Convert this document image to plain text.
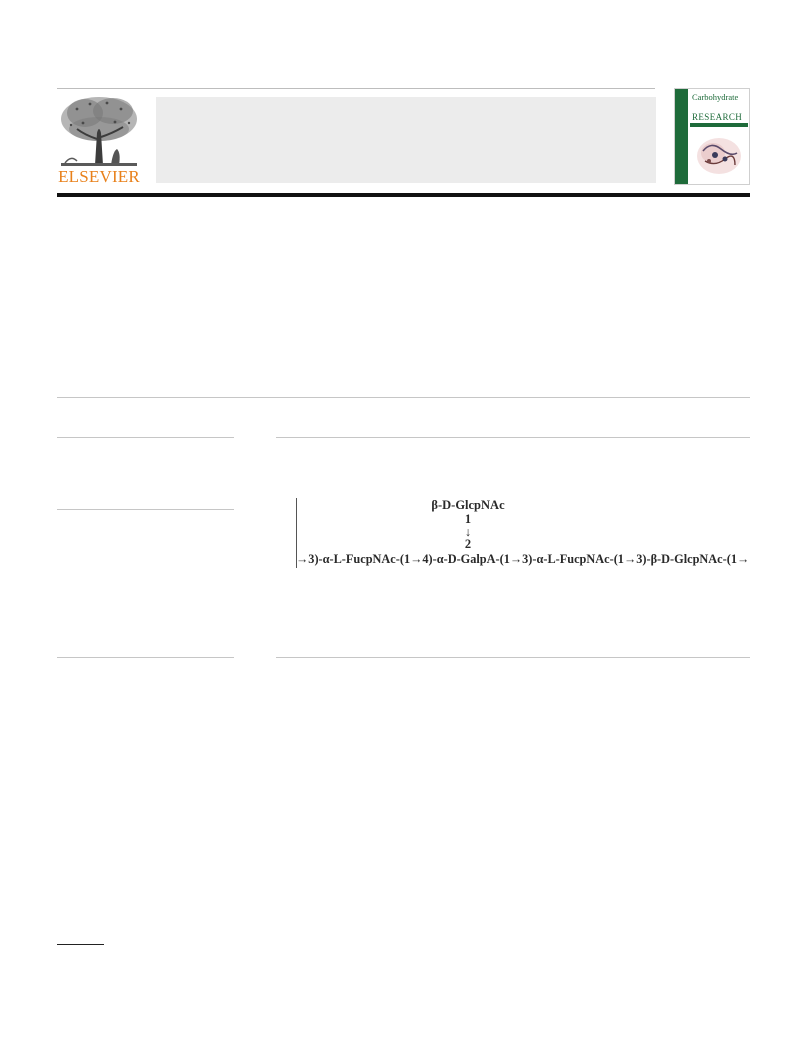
ELSEVIER
Carbohydrate
RESEARCH
β-D-GlcpNAc
1
↓
2
→3)-α-L-FucpNAc-(1→4)-α-D-GalpA-(1→3)-α-L-FucpNAc-(1→3)-β-D-GlcpNAc-(1→
